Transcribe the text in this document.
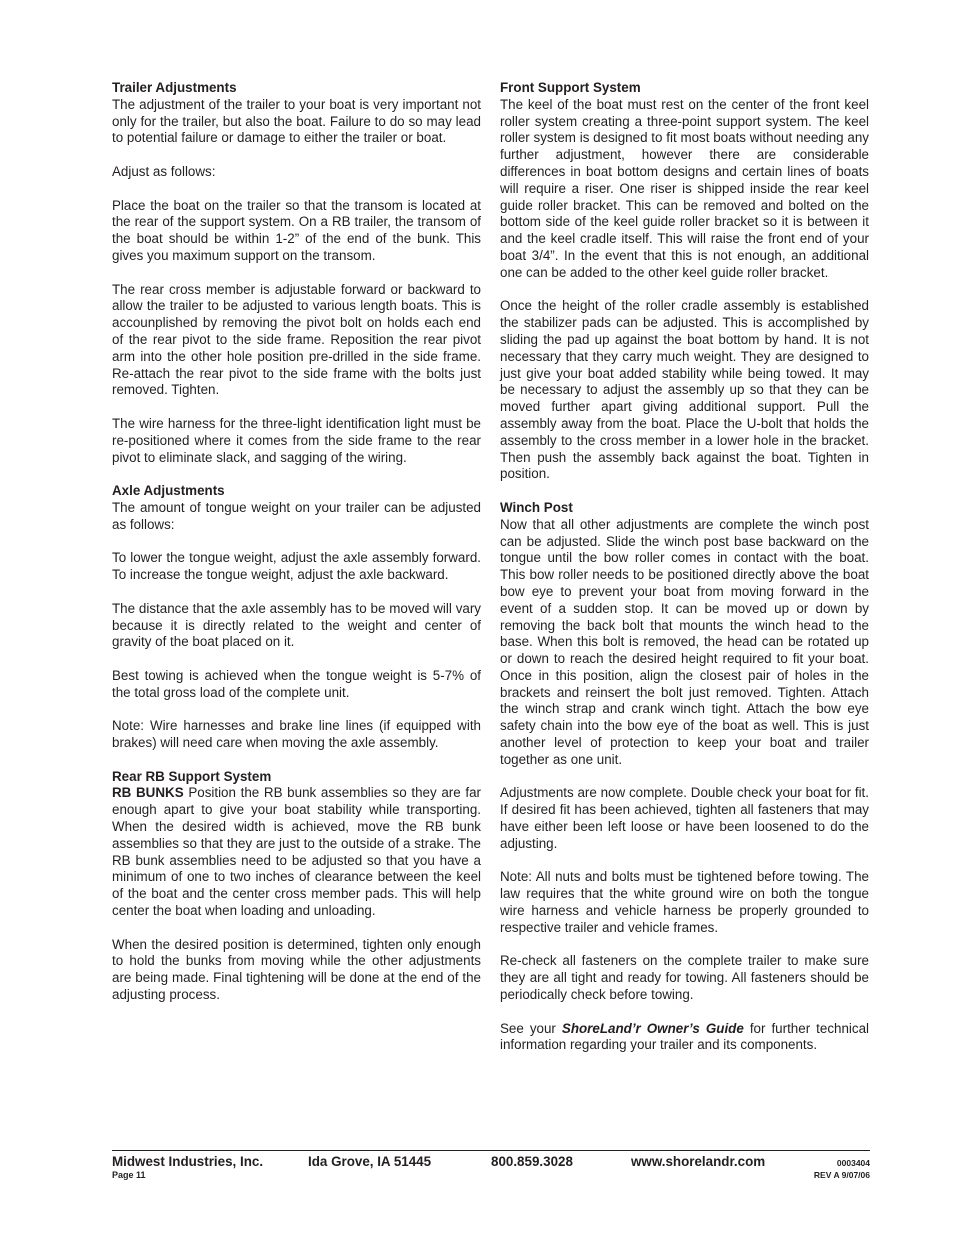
Trailer Adjustments

The adjustment of the trailer to your boat is very important not only for the trailer, but also the boat. Failure to do so may lead to potential failure or damage to either the trailer or boat.

Adjust as follows:

Place the boat on the trailer so that the transom is located at the rear of the support system. On a RB trailer, the transom of the boat should be within 1-2” of the end of the bunk. This gives you maximum support on the transom.

The rear cross member is adjustable forward or backward to allow the trailer to be adjusted to various length boats. This is accounplished by removing the pivot bolt on holds each end of the rear pivot to the side frame. Reposition the rear pivot arm into the other hole position pre-drilled in the side frame. Re-attach the rear pivot to the side frame with the bolts just removed. Tighten.

The wire harness for the three-light identification light must be re-positioned where it comes from the side frame to the rear pivot to eliminate slack, and sagging of the wiring.

Axle Adjustments

The amount of tongue weight on your trailer can be adjusted as follows:

To lower the tongue weight, adjust the axle assembly forward. To increase the tongue weight, adjust the axle backward.

The distance that the axle assembly has to be moved will vary because it is directly related to the weight and center of gravity of the boat placed on it.

Best towing is achieved when the tongue weight is 5-7% of the total gross load of the complete unit.

Note: Wire harnesses and brake line lines (if equipped with brakes) will need care when moving the axle assembly.

Rear RB Support System

RB BUNKS Position the RB bunk assemblies so they are far enough apart to give your boat stability while transporting. When the desired width is achieved, move the RB bunk assemblies so that they are just to the outside of a strake. The RB bunk assemblies need to be adjusted so that you have a minimum of one to two inches of clearance between the keel of the boat and the center cross member pads. This will help center the boat when loading and unloading.

When the desired position is determined, tighten only enough to hold the bunks from moving while the other adjustments are being made. Final tightening will be done at the end of the adjusting process.

Front Support System

The keel of the boat must rest on the center of the front keel roller system creating a three-point support system. The keel roller system is designed to fit most boats without needing any further adjustment, however there are considerable differences in boat bottom designs and certain lines of boats will require a riser. One riser is shipped inside the rear keel guide roller bracket. This can be removed and bolted on the bottom side of the keel guide roller bracket so it is between it and the keel cradle itself. This will raise the front end of your boat 3/4”. In the event that this is not enough, an additional one can be added to the other keel guide roller bracket.

Once the height of the roller cradle assembly is established the stabilizer pads can be adjusted. This is accomplished by sliding the pad up against the boat bottom by hand. It is not necessary that they carry much weight. They are designed to just give your boat added stability while being towed. It may be necessary to adjust the assembly up so that they can be moved further apart giving additional support. Pull the assembly away from the boat. Place the U-bolt that holds the assembly to the cross member in a lower hole in the bracket. Then push the assembly back against the boat. Tighten in position.

Winch Post

Now that all other adjustments are complete the winch post can be adjusted. Slide the winch post base backward on the tongue until the bow roller comes in contact with the boat. This bow roller needs to be positioned directly above the boat bow eye to prevent your boat from moving forward in the event of a sudden stop. It can be moved up or down by removing the back bolt that mounts the winch head to the base. When this bolt is removed, the head can be rotated up or down to reach the desired height required to fit your boat. Once in this position, align the closest pair of holes in the brackets and reinsert the bolt just removed. Tighten. Attach the winch strap and crank winch tight. Attach the bow eye safety chain into the bow eye of the boat as well. This is just another level of protection to keep your boat and trailer together as one unit.

Adjustments are now complete. Double check your boat for fit. If desired fit has been achieved, tighten all fasteners that may have either been left loose or have been loosened to do the adjusting.

Note: All nuts and bolts must be tightened before towing. The law requires that the white ground wire on both the tongue wire harness and vehicle harness be properly grounded to respective trailer and vehicle frames.

Re-check all fasteners on the complete trailer to make sure they are all tight and ready for towing. All fasteners should be periodically check before towing.

See your ShoreLand’r Owner’s Guide for further technical information regarding your trailer and its components.

Midwest Industries, Inc.	Ida Grove, IA 51445	800.859.3028	www.shorelandr.com
Page 11
0003404
REV A 9/07/06
